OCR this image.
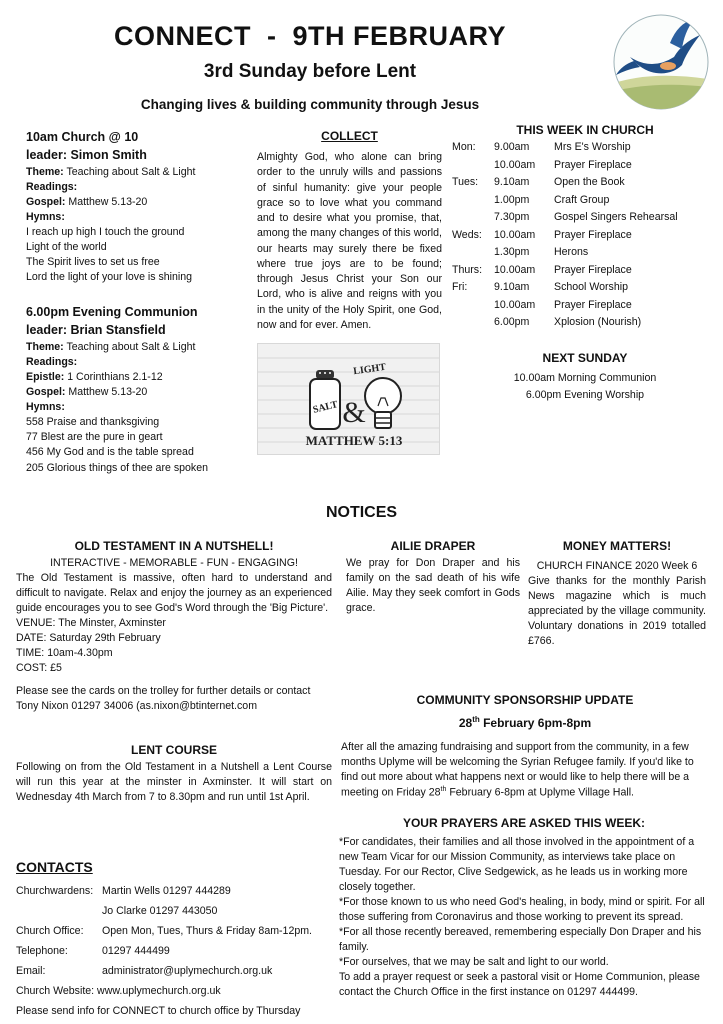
CONNECT  -  9TH FEBRUARY
3rd Sunday before Lent
Changing lives & building community through Jesus
10am Church @ 10
leader: Simon Smith
Theme: Teaching about Salt & Light
Readings:
Gospel: Matthew 5.13-20
Hymns:
I reach up high I touch the ground
Light of the world
The Spirit lives to set us free
Lord the light of your love is shining
6.00pm Evening Communion
leader: Brian Stansfield
Theme: Teaching about Salt & Light
Readings:
Epistle: 1 Corinthians 2.1-12
Gospel: Matthew 5.13-20
Hymns:
558 Praise and thanksgiving
77 Blest are the pure in geart
456 My God and is the table spread
205 Glorious things of thee are spoken
COLLECT
Almighty God, who alone can bring order to the unruly wills and passions of sinful humanity: give your people grace so to love what you command and to desire what you promise, that, among the many changes of this world, our hearts may surely there be fixed where true joys are to be found; through Jesus Christ your Son our Lord, who is alive and reigns with you in the unity of the Holy Spirit, one God, now and for ever. Amen.
SALT &
LIGHT
MATTHEW 5:13
THIS WEEK IN CHURCH
Mon:	9.00am	Mrs E's Worship
10.00am	Prayer Fireplace
Tues:	9.10am	Open the Book
1.00pm	Craft Group
7.30pm	Gospel Singers Rehearsal
Weds:	10.00am	Prayer Fireplace
1.30pm	Herons
Thurs:	10.00am	Prayer Fireplace
Fri:	9.10am	School Worship
10.00am	Prayer Fireplace
6.00pm	Xplosion (Nourish)
NEXT SUNDAY
10.00am Morning Communion
6.00pm Evening Worship
NOTICES
OLD TESTAMENT IN A NUTSHELL!
INTERACTIVE - MEMORABLE - FUN - ENGAGING!
The Old Testament is massive, often hard to understand and difficult to navigate. Relax and enjoy the journey as an experienced guide encourages you to see God's Word through the 'Big Picture'.
VENUE: The Minster, Axminster
DATE: Saturday 29th February
TIME: 10am-4.30pm
COST: £5
Please see the cards on the trolley for further details or contact Tony Nixon 01297 34006 (as.nixon@btinternet.com
AILIE DRAPER
We pray for Don Draper and his family on the sad death of his wife Ailie. May they seek comfort in Gods grace.
MONEY MATTERS!
CHURCH FINANCE 2020 Week 6
Give thanks for the monthly Parish News magazine which is much appreciated by the village community. Voluntary donations in 2019 totalled £766.
COMMUNITY SPONSORSHIP UPDATE
28th February 6pm-8pm
After all the amazing fundraising and support from the community, in a few months Uplyme will be welcoming the Syrian Refugee family. If you'd like to find out more about what happens next or would like to help there will be a meeting on Friday 28th February 6-8pm at Uplyme Village Hall.
LENT COURSE
Following on from the Old Testament in a Nutshell a Lent Course will run this year at the minster in Axminster. It will start on Wednesday 4th March from 7 to 8.30pm and run until 1st April.
YOUR PRAYERS ARE ASKED THIS WEEK:
*For candidates, their families and all those involved in the appointment of a new Team Vicar for our Mission Community, as interviews take place on Tuesday. For our Rector, Clive Sedgewick, as he leads us in working more closely together.
*For those known to us who need God's healing, in body, mind or spirit. For all those suffering from Coronavirus and those working to prevent its spread.
*For all those recently bereaved, remembering especially Don Draper and his family.
*For ourselves, that we may be salt and light to our world.
To add a prayer request or seek a pastoral visit or Home Communion, please contact the Church Office in the first instance on 01297 444499.
CONTACTS
Churchwardens: Martin Wells 01297 444289
Jo Clarke 01297 443050
Church Office:	Open Mon, Tues, Thurs & Friday 8am-12pm.
Telephone:	01297 444499
Email:	administrator@uplymechurch.org.uk
Church Website: www.uplymechurch.org.uk
Please send info for CONNECT to church office by Thursday
